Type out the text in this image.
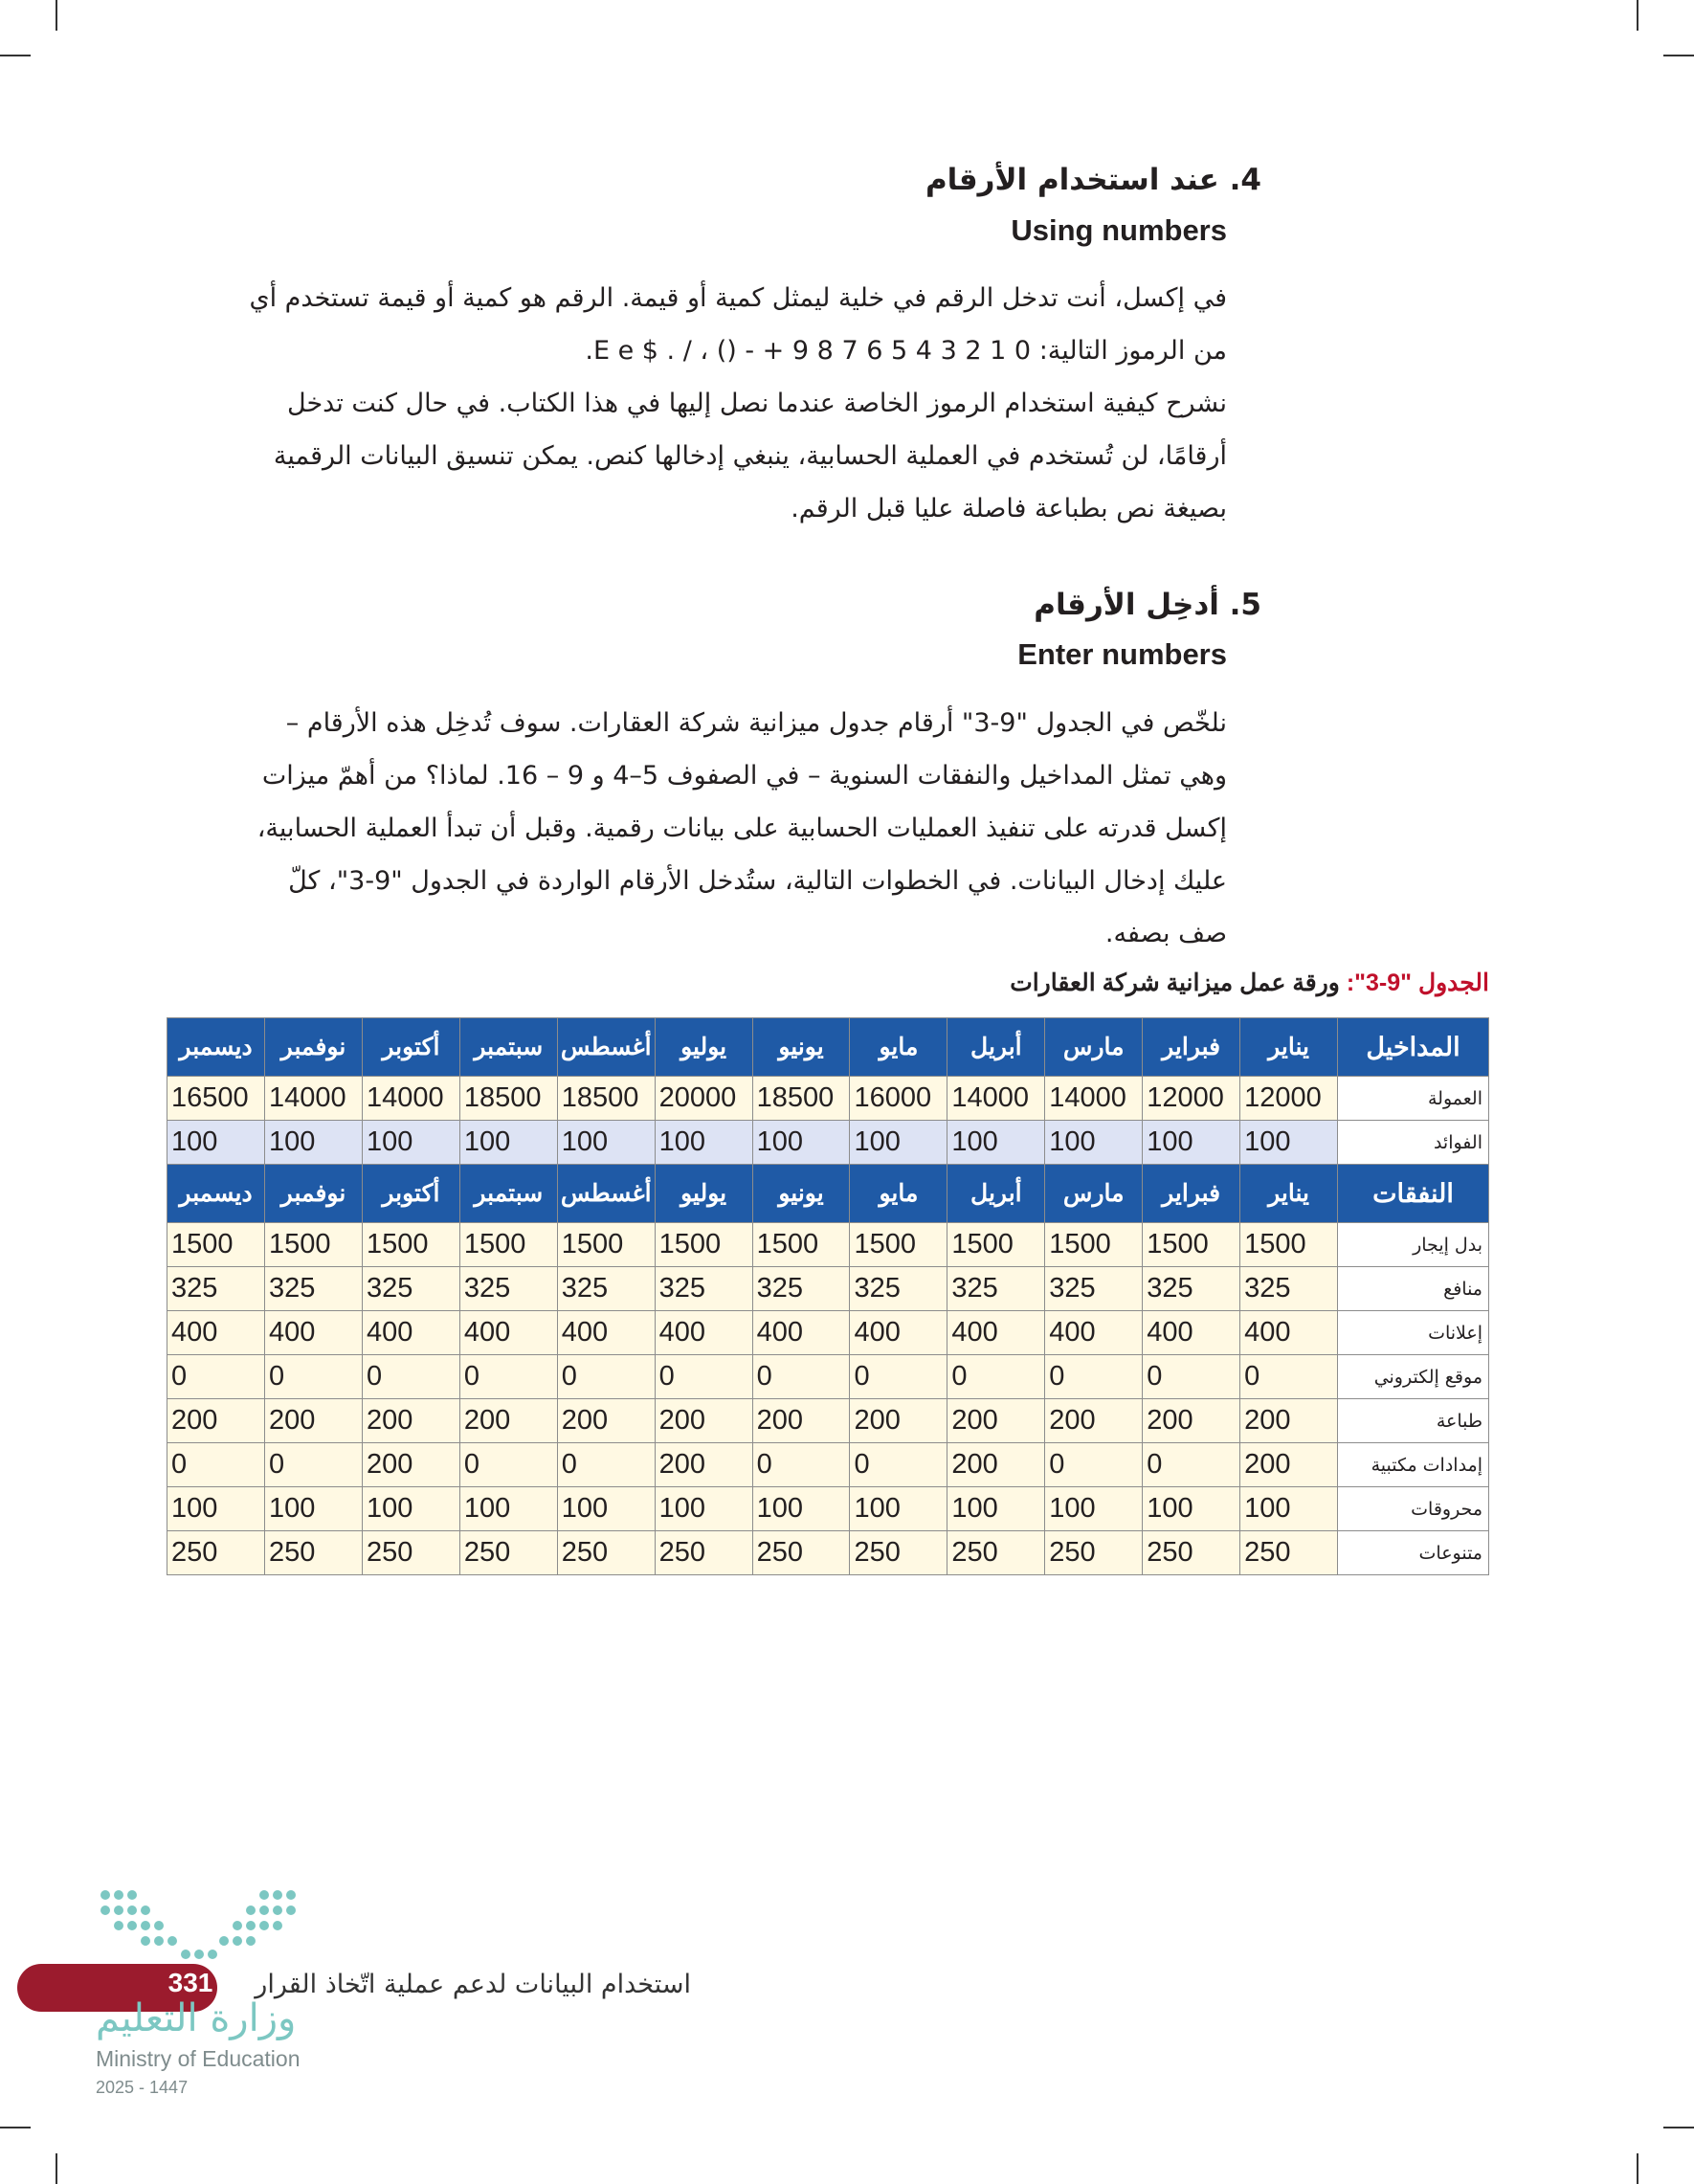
4. عند استخدام الأرقام
Using numbers
في إكسل، أنت تدخل الرقم في خلية ليمثل كمية أو قيمة. الرقم هو كمية أو قيمة تستخدم أي
من الرموز التالية: 0 1 2 3 4 5 6 7 8 9 + - () ، / . $ E e.
نشرح كيفية استخدام الرموز الخاصة عندما نصل إليها في هذا الكتاب. في حال كنت تدخل
أرقامًا، لن تُستخدم في العملية الحسابية، ينبغي إدخالها كنص. يمكن تنسيق البيانات الرقمية
بصيغة نص بطباعة فاصلة عليا قبل الرقم.
5. أدخِل الأرقام
Enter numbers
نلخّص في الجدول "9-3" أرقام جدول ميزانية شركة العقارات. سوف تُدخِل هذه الأرقام –
وهي تمثل المداخيل والنفقات السنوية – في الصفوف 5–4 و 9 – 16. لماذا؟ من أهمّ ميزات
إكسل قدرته على تنفيذ العمليات الحسابية على بيانات رقمية. وقبل أن تبدأ العملية الحسابية،
عليك إدخال البيانات. في الخطوات التالية، ستُدخل الأرقام الواردة في الجدول "9-3"، كلّ
صف بصفه.
الجدول "9-3": ورقة عمل ميزانية شركة العقارات
المداخيل	يناير	فبراير	مارس	أبريل	مايو	يونيو	يوليو	أغسطس	سبتمبر	أكتوبر	نوفمبر	ديسمبر
العمولة	12000	12000	14000	14000	16000	18500	20000	18500	18500	14000	14000	16500
الفوائد	100	100	100	100	100	100	100	100	100	100	100	100
النفقات	يناير	فبراير	مارس	أبريل	مايو	يونيو	يوليو	أغسطس	سبتمبر	أكتوبر	نوفمبر	ديسمبر
بدل إيجار	1500	1500	1500	1500	1500	1500	1500	1500	1500	1500	1500	1500
منافع	325	325	325	325	325	325	325	325	325	325	325	325
إعلانات	400	400	400	400	400	400	400	400	400	400	400	400
موقع إلكتروني	0	0	0	0	0	0	0	0	0	0	0	0
طباعة	200	200	200	200	200	200	200	200	200	200	200	200
إمدادات مكتبية	200	0	0	200	0	0	200	0	0	200	0	0
محروقات	100	100	100	100	100	100	100	100	100	100	100	100
متنوعات	250	250	250	250	250	250	250	250	250	250	250	250
331	استخدام البيانات لدعم عملية اتّخاذ القرار
وزارة التعليم
Ministry of Education
2025 - 1447
